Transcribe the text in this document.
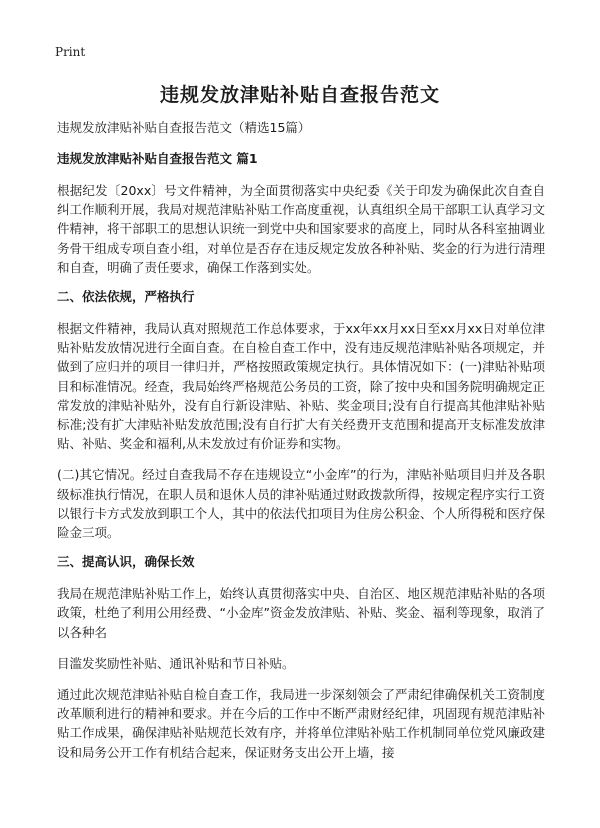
Print
违规发放津贴补贴自查报告范文

违规发放津贴补贴自查报告范文（精选15篇）

违规发放津贴补贴自查报告范文 篇1

根据纪发〔20xx〕号文件精神，为全面贯彻落实中央纪委《关于印发为确保此次自查自纠工作顺利开展，我局对规范津贴补贴工作高度重视，认真组织全局干部职工认真学习文件精神，将干部职工的思想认识统一到党中央和国家要求的高度上，同时从各科室抽调业务骨干组成专项自查小组，对单位是否存在违反规定发放各种补贴、奖金的行为进行清理和自查，明确了责任要求，确保工作落到实处。

二、依法依规，严格执行

根据文件精神，我局认真对照规范工作总体要求，于xx年xx月xx日至xx月xx日对单位津贴补贴发放情况进行全面自查。在自检自查工作中，没有违反规范津贴补贴各项规定，并做到了应归并的项目一律归并，严格按照政策规定执行。具体情况如下：(一)津贴补贴项目和标准情况。经查，我局始终严格规范公务员的工资，除了按中央和国务院明确规定正常发放的津贴补贴外，没有自行新设津贴、补贴、奖金项目;没有自行提高其他津贴补贴标准;没有扩大津贴补贴发放范围;没有自行扩大有关经费开支范围和提高开支标准发放津贴、补贴、奖金和福利,从未发放过有价证券和实物。

(二)其它情况。经过自查我局不存在违规设立“小金库”的行为，津贴补贴项目归并及各职级标准执行情况，在职人员和退休人员的津补贴通过财政拨款所得，按规定程序实行工资以银行卡方式发放到职工个人，其中的依法代扣项目为住房公积金、个人所得税和医疗保险金三项。

三、提高认识，确保长效

我局在规范津贴补贴工作上，始终认真贯彻落实中央、自治区、地区规范津贴补贴的各项政策，杜绝了利用公用经费、“小金库”资金发放津贴、补贴、奖金、福利等现象，取消了以各种名

目滥发奖励性补贴、通讯补贴和节日补贴。

通过此次规范津贴补贴自检自查工作，我局进一步深刻领会了严肃纪律确保机关工资制度改革顺利进行的精神和要求。并在今后的工作中不断严肃财经纪律，巩固现有规范津贴补贴工作成果，确保津贴补贴规范长效有序，并将单位津贴补贴工作机制同单位党风廉政建设和局务公开工作有机结合起来，保证财务支出公开上墙，接
